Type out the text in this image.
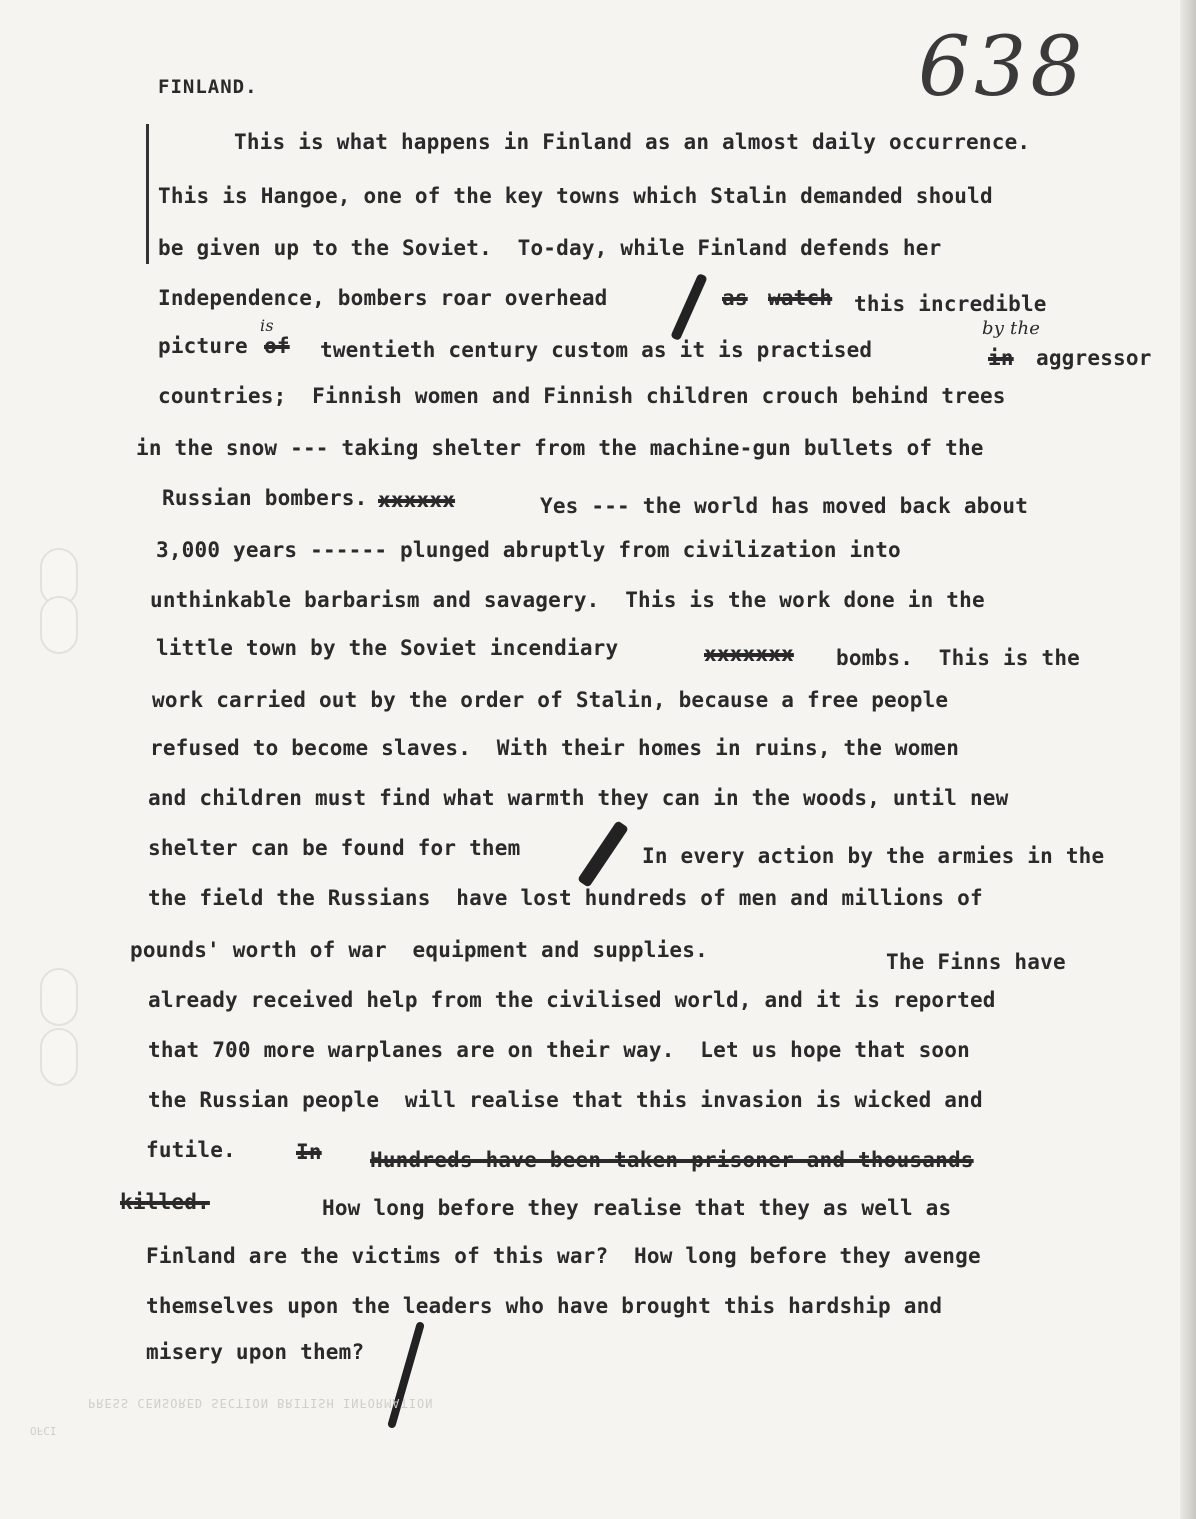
638
FINLAND.
This is what happens in Finland as an almost daily occurrence.
This is Hangoe, one of the key towns which Stalin demanded should
be given up to the Soviet.  To-day, while Finland defends her
Independence, bombers roar overhead	as watch this incredible
picture
is
of twentieth century custom as it is practised
by the
in aggressor
countries;  Finnish women and Finnish children crouch behind trees
in the snow --- taking shelter from the machine-gun bullets of the
Russian bombers. xxxxxx	Yes --- the world has moved back about
3,000 years ------ plunged abruptly from civilization into
unthinkable barbarism and savagery.  This is the work done in the
little town by the Soviet incendiary	xxxxxxx bombs.  This is the
work carried out by the order of Stalin, because a free people
refused to become slaves.  With their homes in ruins, the women
and children must find what warmth they can in the woods, until new
shelter can be found for them	In every action by the armies in the
the field the Russians  have lost hundreds of men and millions of
pounds' worth of war  equipment and supplies.	The Finns have
already received help from the civilised world, and it is reported
that 700 more warplanes are on their way.  Let us hope that soon
the Russian people  will realise that this invasion is wicked and
futile.	In Hundreds have been taken prisoner and thousands
killed.	How long before they realise that they as well as
Finland are the victims of this war?  How long before they avenge
themselves upon the leaders who have brought this hardship and
misery upon them?
PRESS CENSORED SECTION BRITISH INFORMATION
OFCI
